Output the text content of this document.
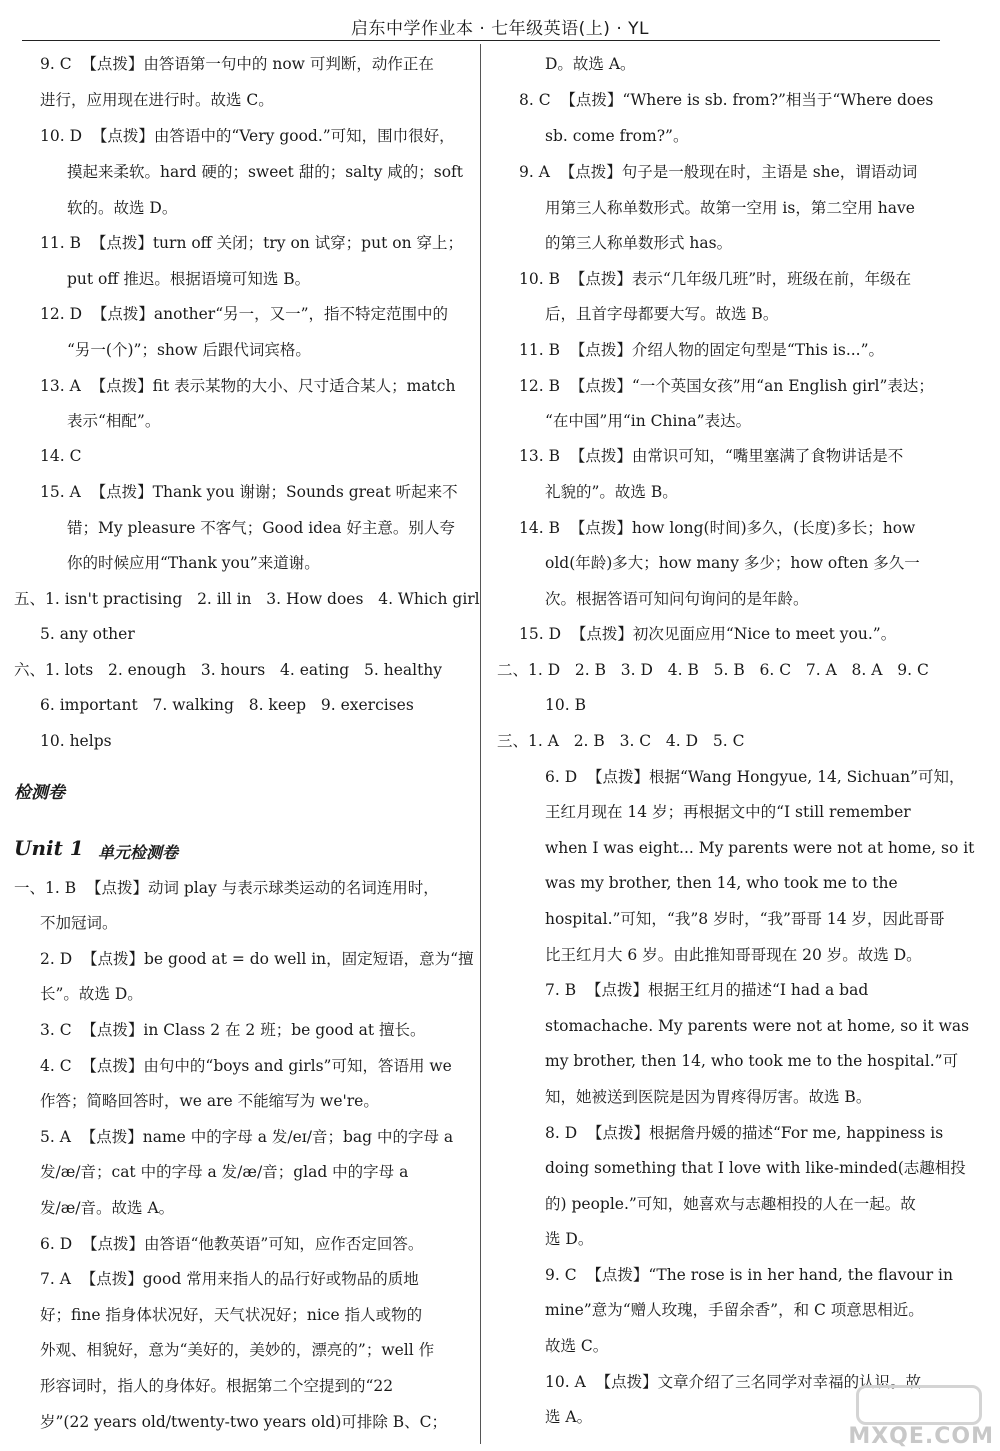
启东中学作业本 · 七年级英语(上) · YL
9. C  【点拨】由答语第一句中的 now 可判断，动作正在
进行，应用现在进行时。故选 C。
10. D  【点拨】由答语中的“Very good.”可知，围巾很好，
摸起来柔软。hard 硬的；sweet 甜的；salty 咸的；soft
软的。故选 D。
11. B  【点拨】turn off 关闭；try on 试穿；put on 穿上；
put off 推迟。根据语境可知选 B。
12. D  【点拨】another“另一，又一”，指不特定范围中的
“另一(个)”；show 后跟代词宾格。
13. A  【点拨】fit 表示某物的大小、尺寸适合某人；match
表示“相配”。
14. C
15. A  【点拨】Thank you 谢谢；Sounds great 听起来不
错；My pleasure 不客气；Good idea 好主意。别人夸
你的时候应用“Thank you”来道谢。
五、1. isn't practising   2. ill in   3. How does   4. Which girl
5. any other
六、1. lots   2. enough   3. hours   4. eating   5. healthy
6. important   7. walking   8. keep   9. exercises
10. helps
检测卷
Unit 1 单元检测卷
一、1. B  【点拨】动词 play 与表示球类运动的名词连用时，
不加冠词。
2. D  【点拨】be good at = do well in，固定短语，意为“擅
长”。故选 D。
3. C  【点拨】in Class 2 在 2 班；be good at 擅长。
4. C  【点拨】由句中的“boys and girls”可知，答语用 we
作答；简略回答时，we are 不能缩写为 we're。
5. A  【点拨】name 中的字母 a 发/eɪ/音；bag 中的字母 a
发/æ/音；cat 中的字母 a 发/æ/音；glad 中的字母 a
发/æ/音。故选 A。
6. D  【点拨】由答语“他教英语”可知，应作否定回答。
7. A  【点拨】good 常用来指人的品行好或物品的质地
好；fine 指身体状况好，天气状况好；nice 指人或物的
外观、相貌好，意为“美好的，美妙的，漂亮的”；well 作
形容词时，指人的身体好。根据第二个空提到的“22
岁”(22 years old/twenty-two years old)可排除 B、C；
D。故选 A。
8. C  【点拨】“Where is sb. from?”相当于“Where does
sb. come from?”。
9. A  【点拨】句子是一般现在时，主语是 she，谓语动词
用第三人称单数形式。故第一空用 is，第二空用 have
的第三人称单数形式 has。
10. B  【点拨】表示“几年级几班”时，班级在前，年级在
后，且首字母都要大写。故选 B。
11. B  【点拨】介绍人物的固定句型是“This is...”。
12. B  【点拨】“一个英国女孩”用“an English girl”表达；
“在中国”用“in China”表达。
13. B  【点拨】由常识可知，“嘴里塞满了食物讲话是不
礼貌的”。故选 B。
14. B  【点拨】how long(时间)多久，(长度)多长；how
old(年龄)多大；how many 多少；how often 多久一
次。根据答语可知问句询问的是年龄。
15. D  【点拨】初次见面应用“Nice to meet you.”。
二、1. D   2. B   3. D   4. B   5. B   6. C   7. A   8. A   9. C
10. B
三、1. A   2. B   3. C   4. D   5. C
6. D  【点拨】根据“Wang Hongyue, 14, Sichuan”可知，
王红月现在 14 岁；再根据文中的“I still remember
when I was eight... My parents were not at home, so it
was my brother, then 14, who took me to the
hospital.”可知，“我”8 岁时，“我”哥哥 14 岁，因此哥哥
比王红月大 6 岁。由此推知哥哥现在 20 岁。故选 D。
7. B  【点拨】根据王红月的描述“I had a bad
stomachache. My parents were not at home, so it was
my brother, then 14, who took me to the hospital.”可
知，她被送到医院是因为胃疼得厉害。故选 B。
8. D  【点拨】根据詹丹媛的描述“For me, happiness is
doing something that I love with like-minded(志趣相投
的) people.”可知，她喜欢与志趣相投的人在一起。故
选 D。
9. C  【点拨】“The rose is in her hand, the flavour in
mine”意为“赠人玫瑰，手留余香”，和 C 项意思相近。
故选 C。
10. A  【点拨】文章介绍了三名同学对幸福的认识。故
选 A。
MXQE.COM
